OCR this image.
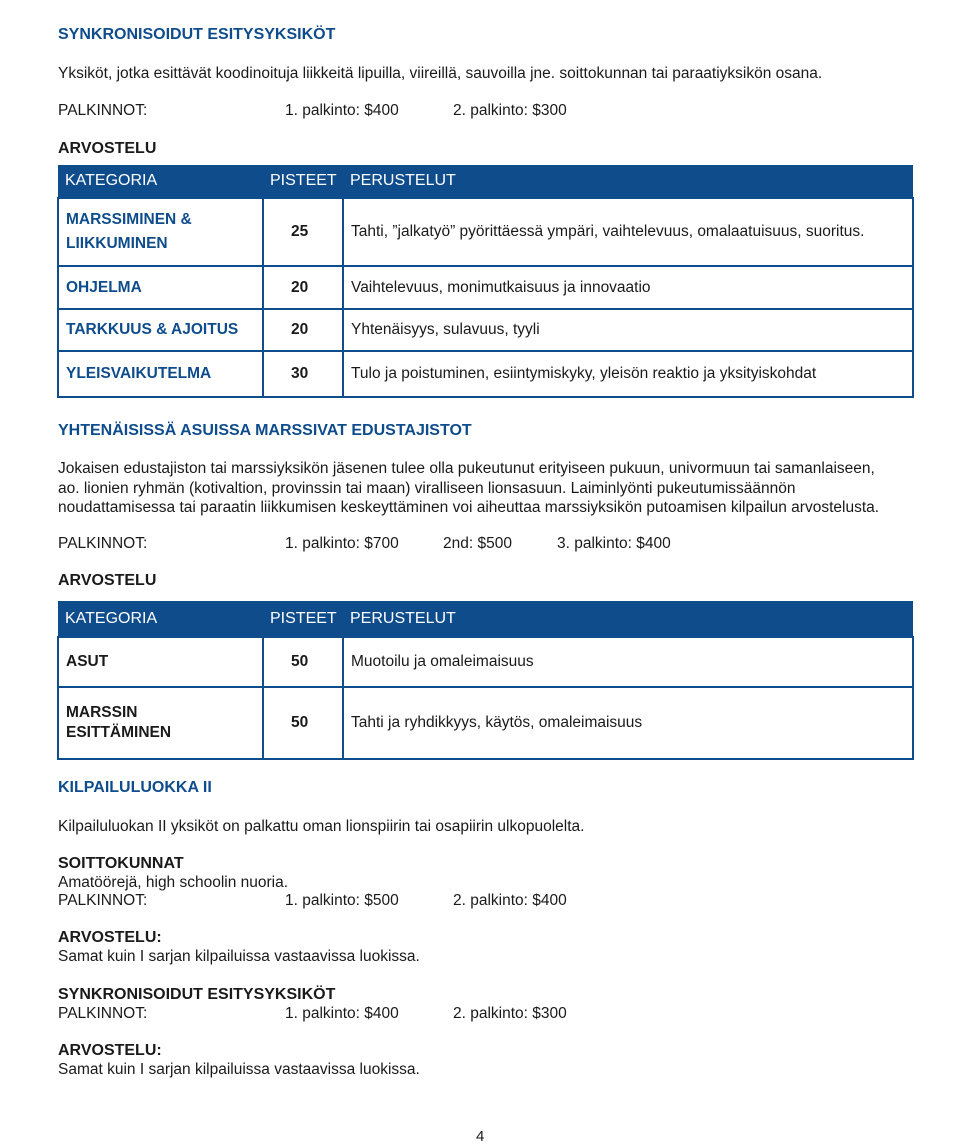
SYNKRONISOIDUT ESITYSYKSIKÖT
Yksiköt, jotka esittävät koodinoituja liikkeitä lipuilla, viireillä, sauvoilla jne. soittokunnan tai paraatiyksikön osana.
PALKINNOT:	1. palkinto: $400	2. palkinto: $300
ARVOSTELU
KATEGORIA	PISTEET	PERUSTELUT
MARSSIMINEN &
LIIKKUMINEN	25	Tahti, ”jalkatyö” pyörittäessä ympäri, vaihtelevuus, omalaatuisuus, suoritus.
OHJELMA	20	Vaihtelevuus, monimutkaisuus ja innovaatio
TARKKUUS & AJOITUS	20	Yhtenäisyys, sulavuus, tyyli
YLEISVAIKUTELMA	30	Tulo ja poistuminen, esiintymiskyky, yleisön reaktio ja yksityiskohdat
YHTENÄISISSÄ ASUISSA MARSSIVAT EDUSTAJISTOT
Jokaisen edustajiston tai marssiyksikön jäsenen tulee olla pukeutunut erityiseen pukuun, univormuun tai samanlaiseen,
ao. lionien ryhmän (kotivaltion, provinssin tai maan) viralliseen lionsasuun. Laiminlyönti pukeutumissäännön
noudattamisessa tai paraatin liikkumisen keskeyttäminen voi aiheuttaa marssiyksikön putoamisen kilpailun arvostelusta.
PALKINNOT:	1. palkinto: $700	2nd: $500	3. palkinto: $400
ARVOSTELU
KATEGORIA	PISTEET	PERUSTELUT
ASUT	50	Muotoilu ja omaleimaisuus
MARSSIN
ESITTÄMINEN	50	Tahti ja ryhdikkyys, käytös, omaleimaisuus
KILPAILULUOKKA II
Kilpailuluokan II yksiköt on palkattu oman lionspiirin tai osapiirin ulkopuolelta.
SOITTOKUNNAT
Amatöörejä, high schoolin nuoria.
PALKINNOT:	1. palkinto: $500	2. palkinto: $400
ARVOSTELU:
Samat kuin I sarjan kilpailuissa vastaavissa luokissa.
SYNKRONISOIDUT ESITYSYKSIKÖT
PALKINNOT:	1. palkinto: $400	2. palkinto: $300
ARVOSTELU:
Samat kuin I sarjan kilpailuissa vastaavissa luokissa.
4
